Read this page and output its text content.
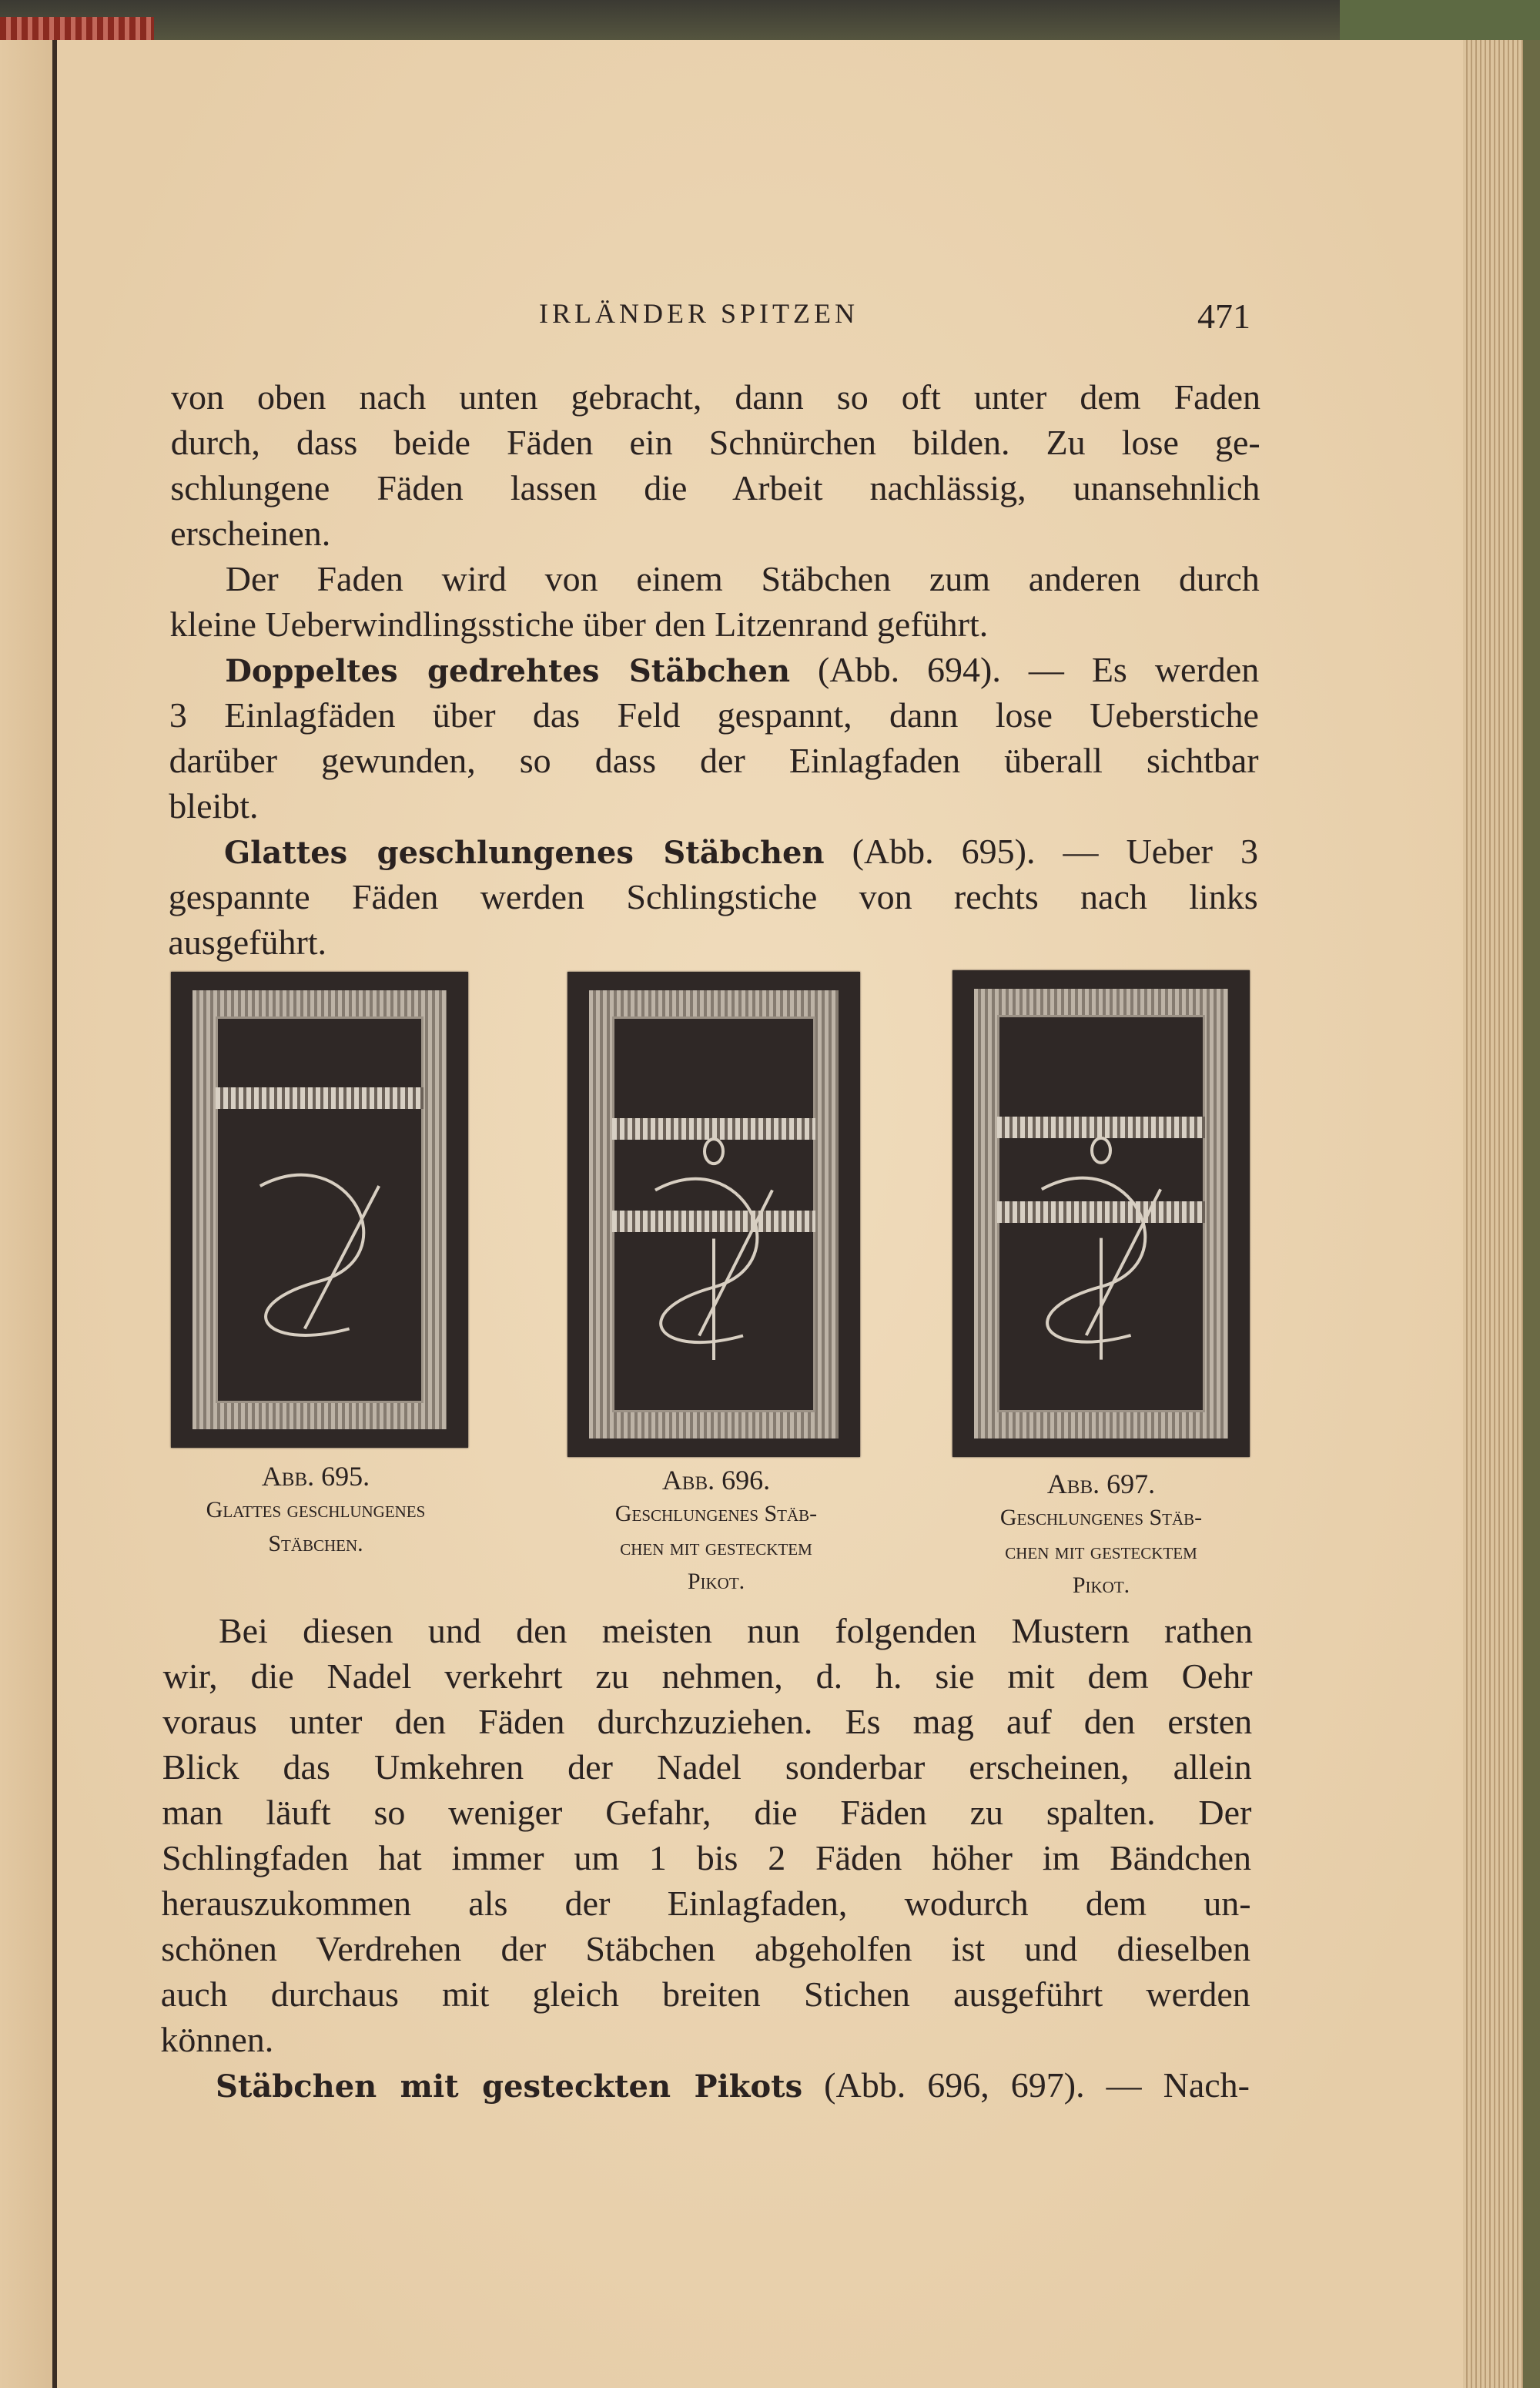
IRLÄNDER SPITZEN	471
von oben nach unten gebracht, dann so oft unter dem Faden
durch, dass beide Fäden ein Schnürchen bilden. Zu lose ge-
schlungene Fäden lassen die Arbeit nachlässig, unansehnlich
erscheinen.
Der Faden wird von einem Stäbchen zum anderen durch
kleine Ueberwindlingsstiche über den Litzenrand geführt.
Doppeltes gedrehtes Stäbchen (Abb. 694). — Es werden
3 Einlagfäden über das Feld gespannt, dann lose Ueberstiche
darüber gewunden, so dass der Einlagfaden überall sichtbar
bleibt.
Glattes geschlungenes Stäbchen (Abb. 695). — Ueber 3
gespannte Fäden werden Schlingstiche von rechts nach links
ausgeführt.
Bei diesen und den meisten nun folgenden Mustern rathen
wir, die Nadel verkehrt zu nehmen, d. h. sie mit dem Oehr
voraus unter den Fäden durchzuziehen. Es mag auf den ersten
Blick das Umkehren der Nadel sonderbar erscheinen, allein
man läuft so weniger Gefahr, die Fäden zu spalten. Der
Schlingfaden hat immer um 1 bis 2 Fäden höher im Bändchen
herauszukommen als der Einlagfaden, wodurch dem un-
schönen Verdrehen der Stäbchen abgeholfen ist und dieselben
auch durchaus mit gleich breiten Stichen ausgeführt werden
können.
Stäbchen mit gesteckten Pikots (Abb. 696, 697). — Nach-
Abb. 695.
Glattes geschlungenes
Stäbchen.
Abb. 696.
Geschlungenes Stäb-
chen mit gestecktem
Pikot.
Abb. 697.
Geschlungenes Stäb-
chen mit gestecktem
Pikot.
